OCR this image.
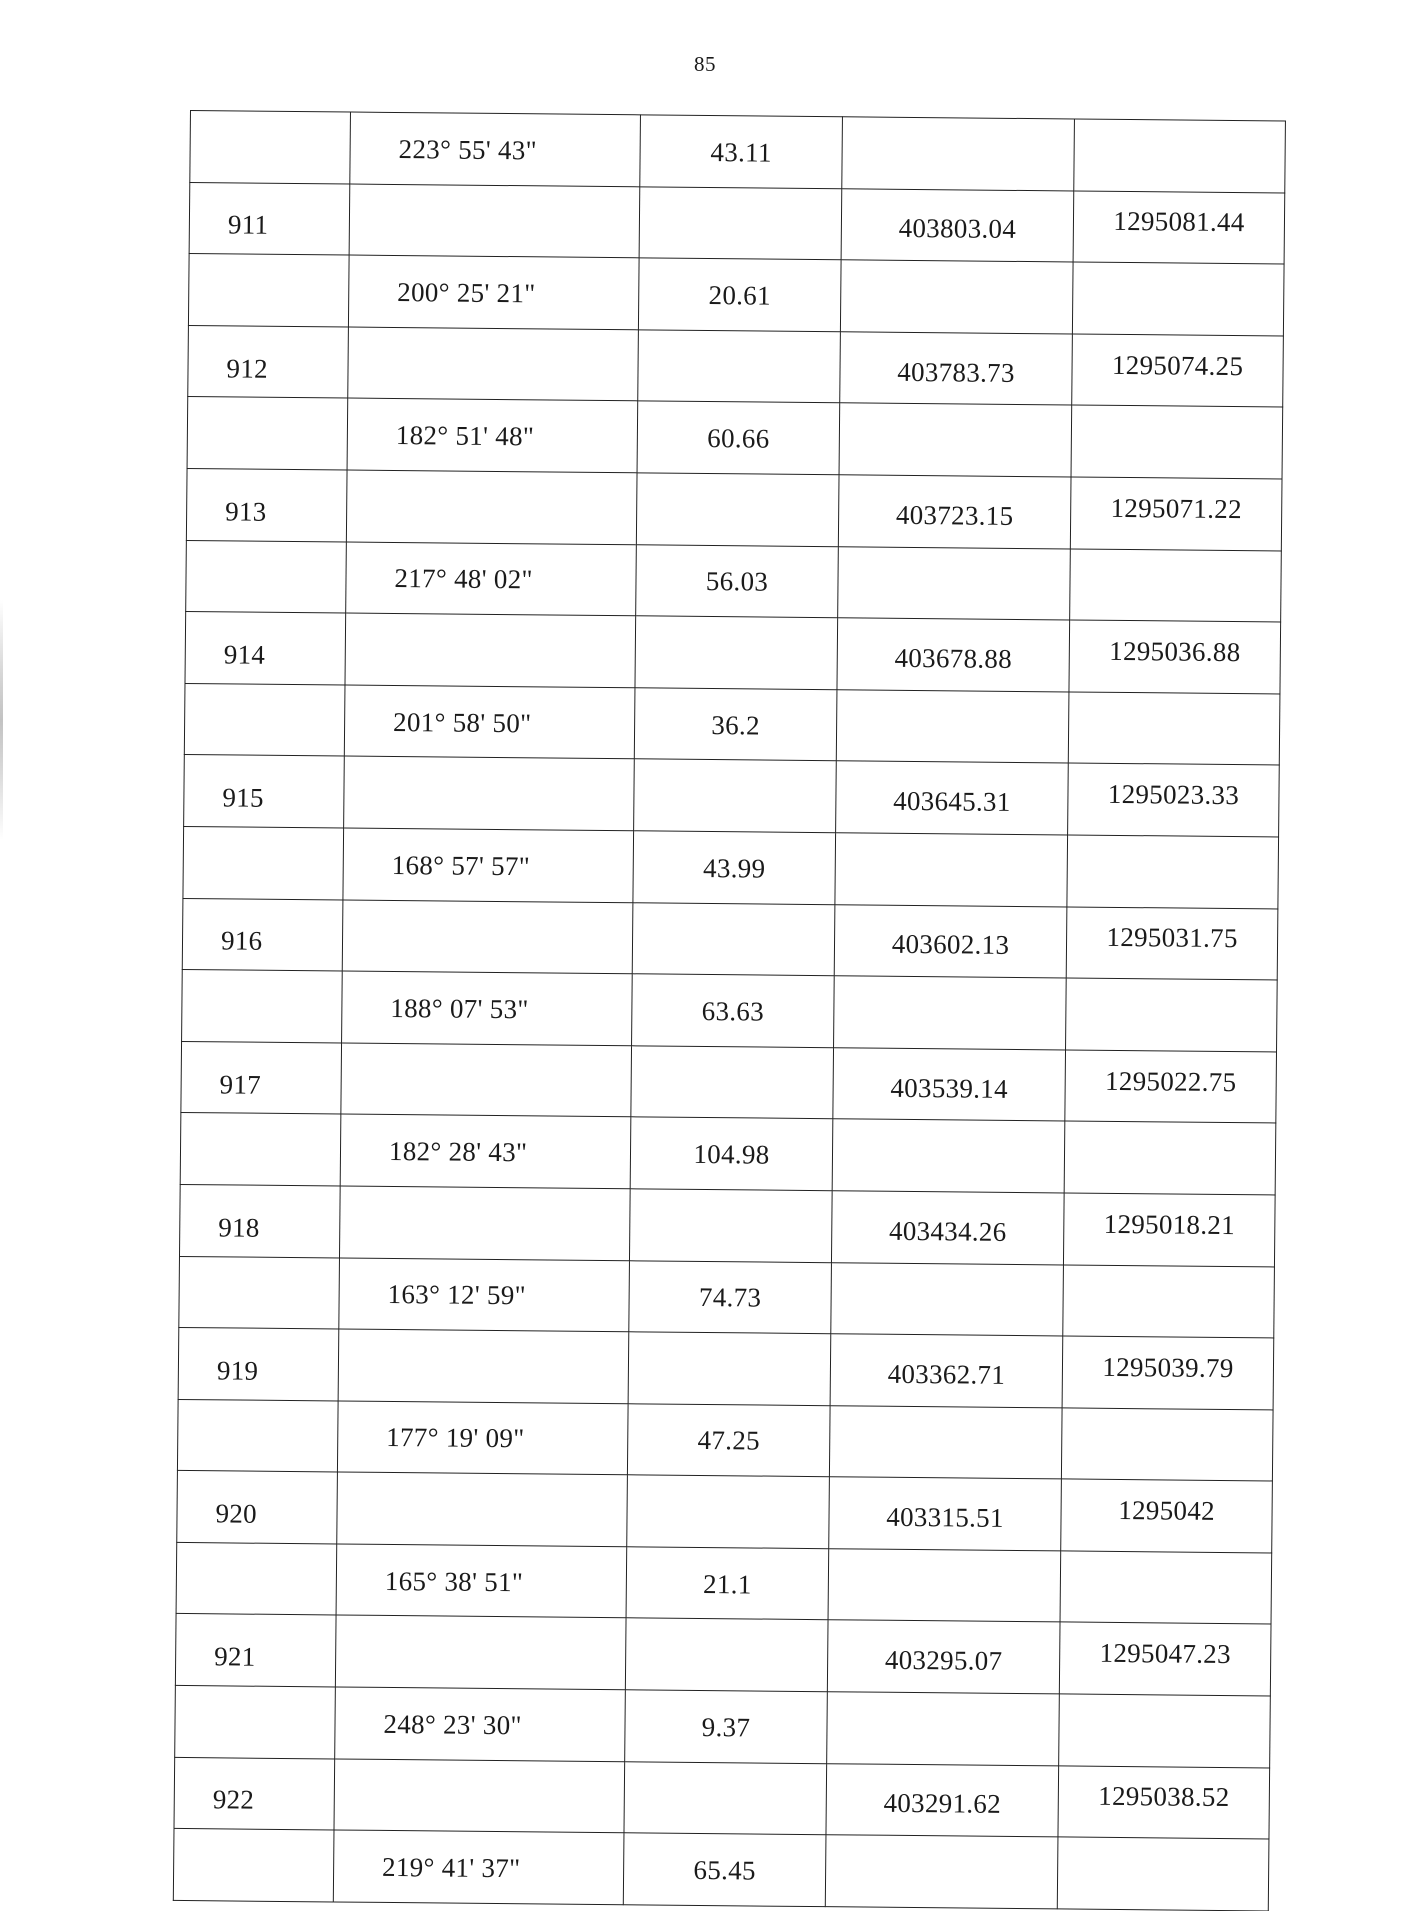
85
	223° 55' 43"	43.11		
911			403803.04	1295081.44
	200° 25' 21"	20.61		
912			403783.73	1295074.25
	182° 51' 48"	60.66		
913			403723.15	1295071.22
	217° 48' 02"	56.03		
914			403678.88	1295036.88
	201° 58' 50"	36.2		
915			403645.31	1295023.33
	168° 57' 57"	43.99		
916			403602.13	1295031.75
	188° 07' 53"	63.63		
917			403539.14	1295022.75
	182° 28' 43"	104.98		
918			403434.26	1295018.21
	163° 12' 59"	74.73		
919			403362.71	1295039.79
	177° 19' 09"	47.25		
920			403315.51	1295042
	165° 38' 51"	21.1		
921			403295.07	1295047.23
	248° 23' 30"	9.37		
922			403291.62	1295038.52
	219° 41' 37"	65.45		
